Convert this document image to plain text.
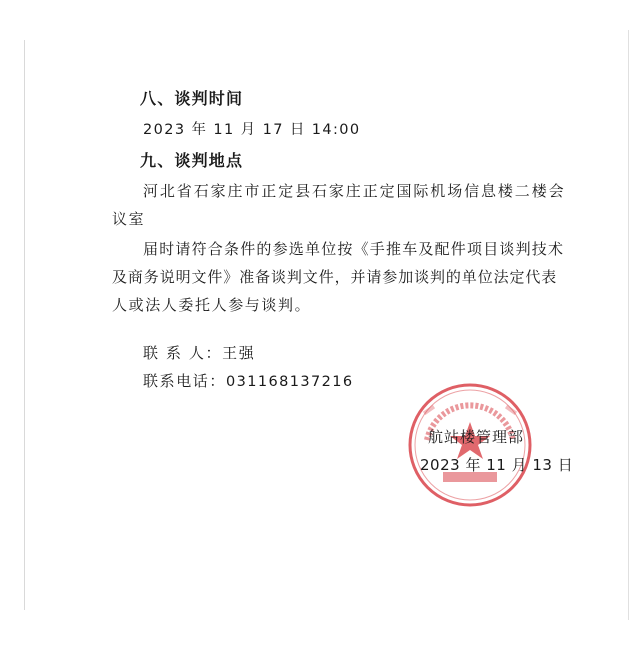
八、谈判时间
2023 年 11 月 17 日 14:00
九、谈判地点
河北省石家庄市正定县石家庄正定国际机场信息楼二楼会
议室
届时请符合条件的参选单位按《手推车及配件项目谈判技术
及商务说明文件》准备谈判文件，并请参加谈判的单位法定代表
人或法人委托人参与谈判。
联 系 人：王强
联系电话：031168137216
航站楼管理部
2023 年 11 月 13 日
